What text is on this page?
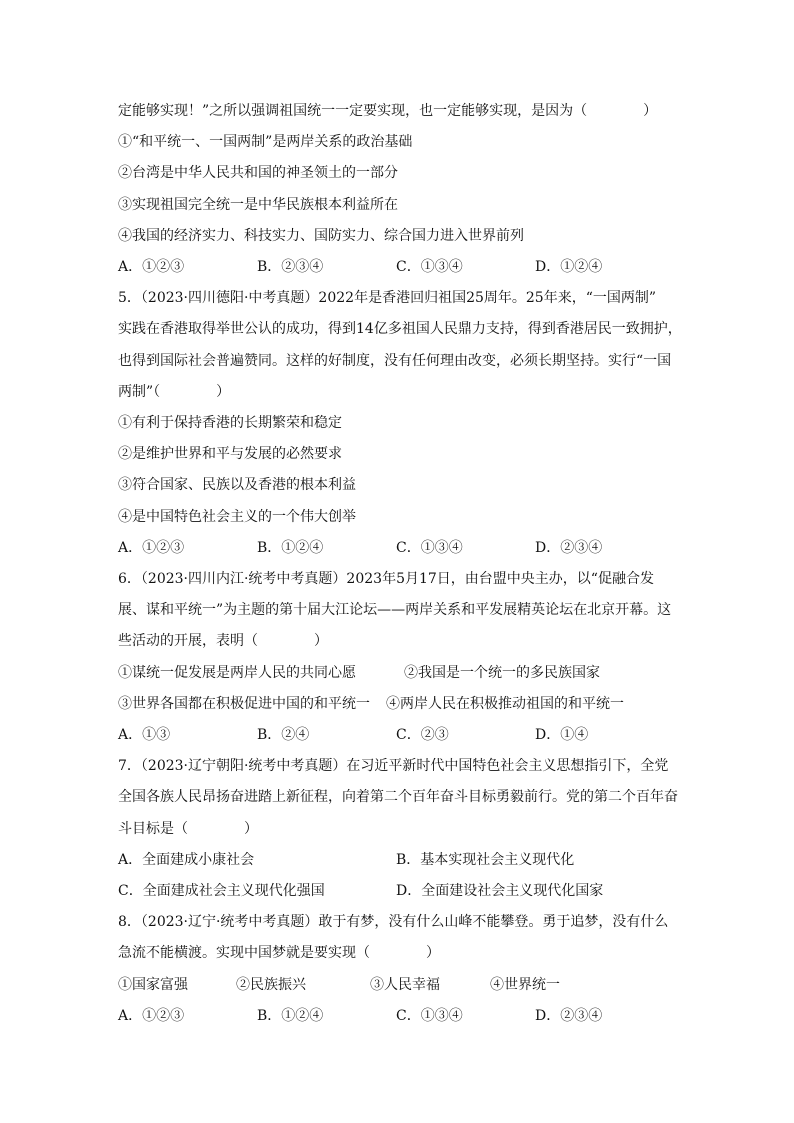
定能够实现！”之所以强调祖国统一一定要实现，也一定能够实现，是因为（　　　　）
①“和平统一、一国两制”是两岸关系的政治基础
②台湾是中华人民共和国的神圣领土的一部分
③实现祖国完全统一是中华民族根本利益所在
④我国的经济实力、科技实力、国防实力、综合国力进入世界前列
A．①②③	B．②③④	C．①③④	D．①②④
5．（2023·四川德阳·中考真题）2022年是香港回归祖国25周年。25年来，“一国两制”
实践在香港取得举世公认的成功，得到14亿多祖国人民鼎力支持，得到香港居民一致拥护，
也得到国际社会普遍赞同。这样的好制度，没有任何理由改变，必须长期坚持。实行“一国
两制”（　　　　）
①有利于保持香港的长期繁荣和稳定
②是维护世界和平与发展的必然要求
③符合国家、民族以及香港的根本利益
④是中国特色社会主义的一个伟大创举
A．①②③	B．①②④	C．①③④	D．②③④
6．（2023·四川内江·统考中考真题）2023年5月17日，由台盟中央主办，以“促融合发
展、谋和平统一”为主题的第十届大江论坛——两岸关系和平发展精英论坛在北京开幕。这
些活动的开展，表明（　　　　）
①谋统一促发展是两岸人民的共同心愿	②我国是一个统一的多民族国家
③世界各国都在积极促进中国的和平统一 ④两岸人民在积极推动祖国的和平统一
A．①③	B．②④	C．②③	D．①④
7．（2023·辽宁朝阳·统考中考真题）在习近平新时代中国特色社会主义思想指引下，全党
全国各族人民昂扬奋进踏上新征程，向着第二个百年奋斗目标勇毅前行。党的第二个百年奋
斗目标是（　　　　）
A．全面建成小康社会	B．基本实现社会主义现代化
C．全面建成社会主义现代化强国	D．全面建设社会主义现代化国家
8．（2023·辽宁·统考中考真题）敢于有梦，没有什么山峰不能攀登。勇于追梦，没有什么
急流不能横渡。实现中国梦就是要实现（　　　　）
①国家富强	②民族振兴	③人民幸福	④世界统一
A．①②③	B．①②④	C．①③④	D．②③④
